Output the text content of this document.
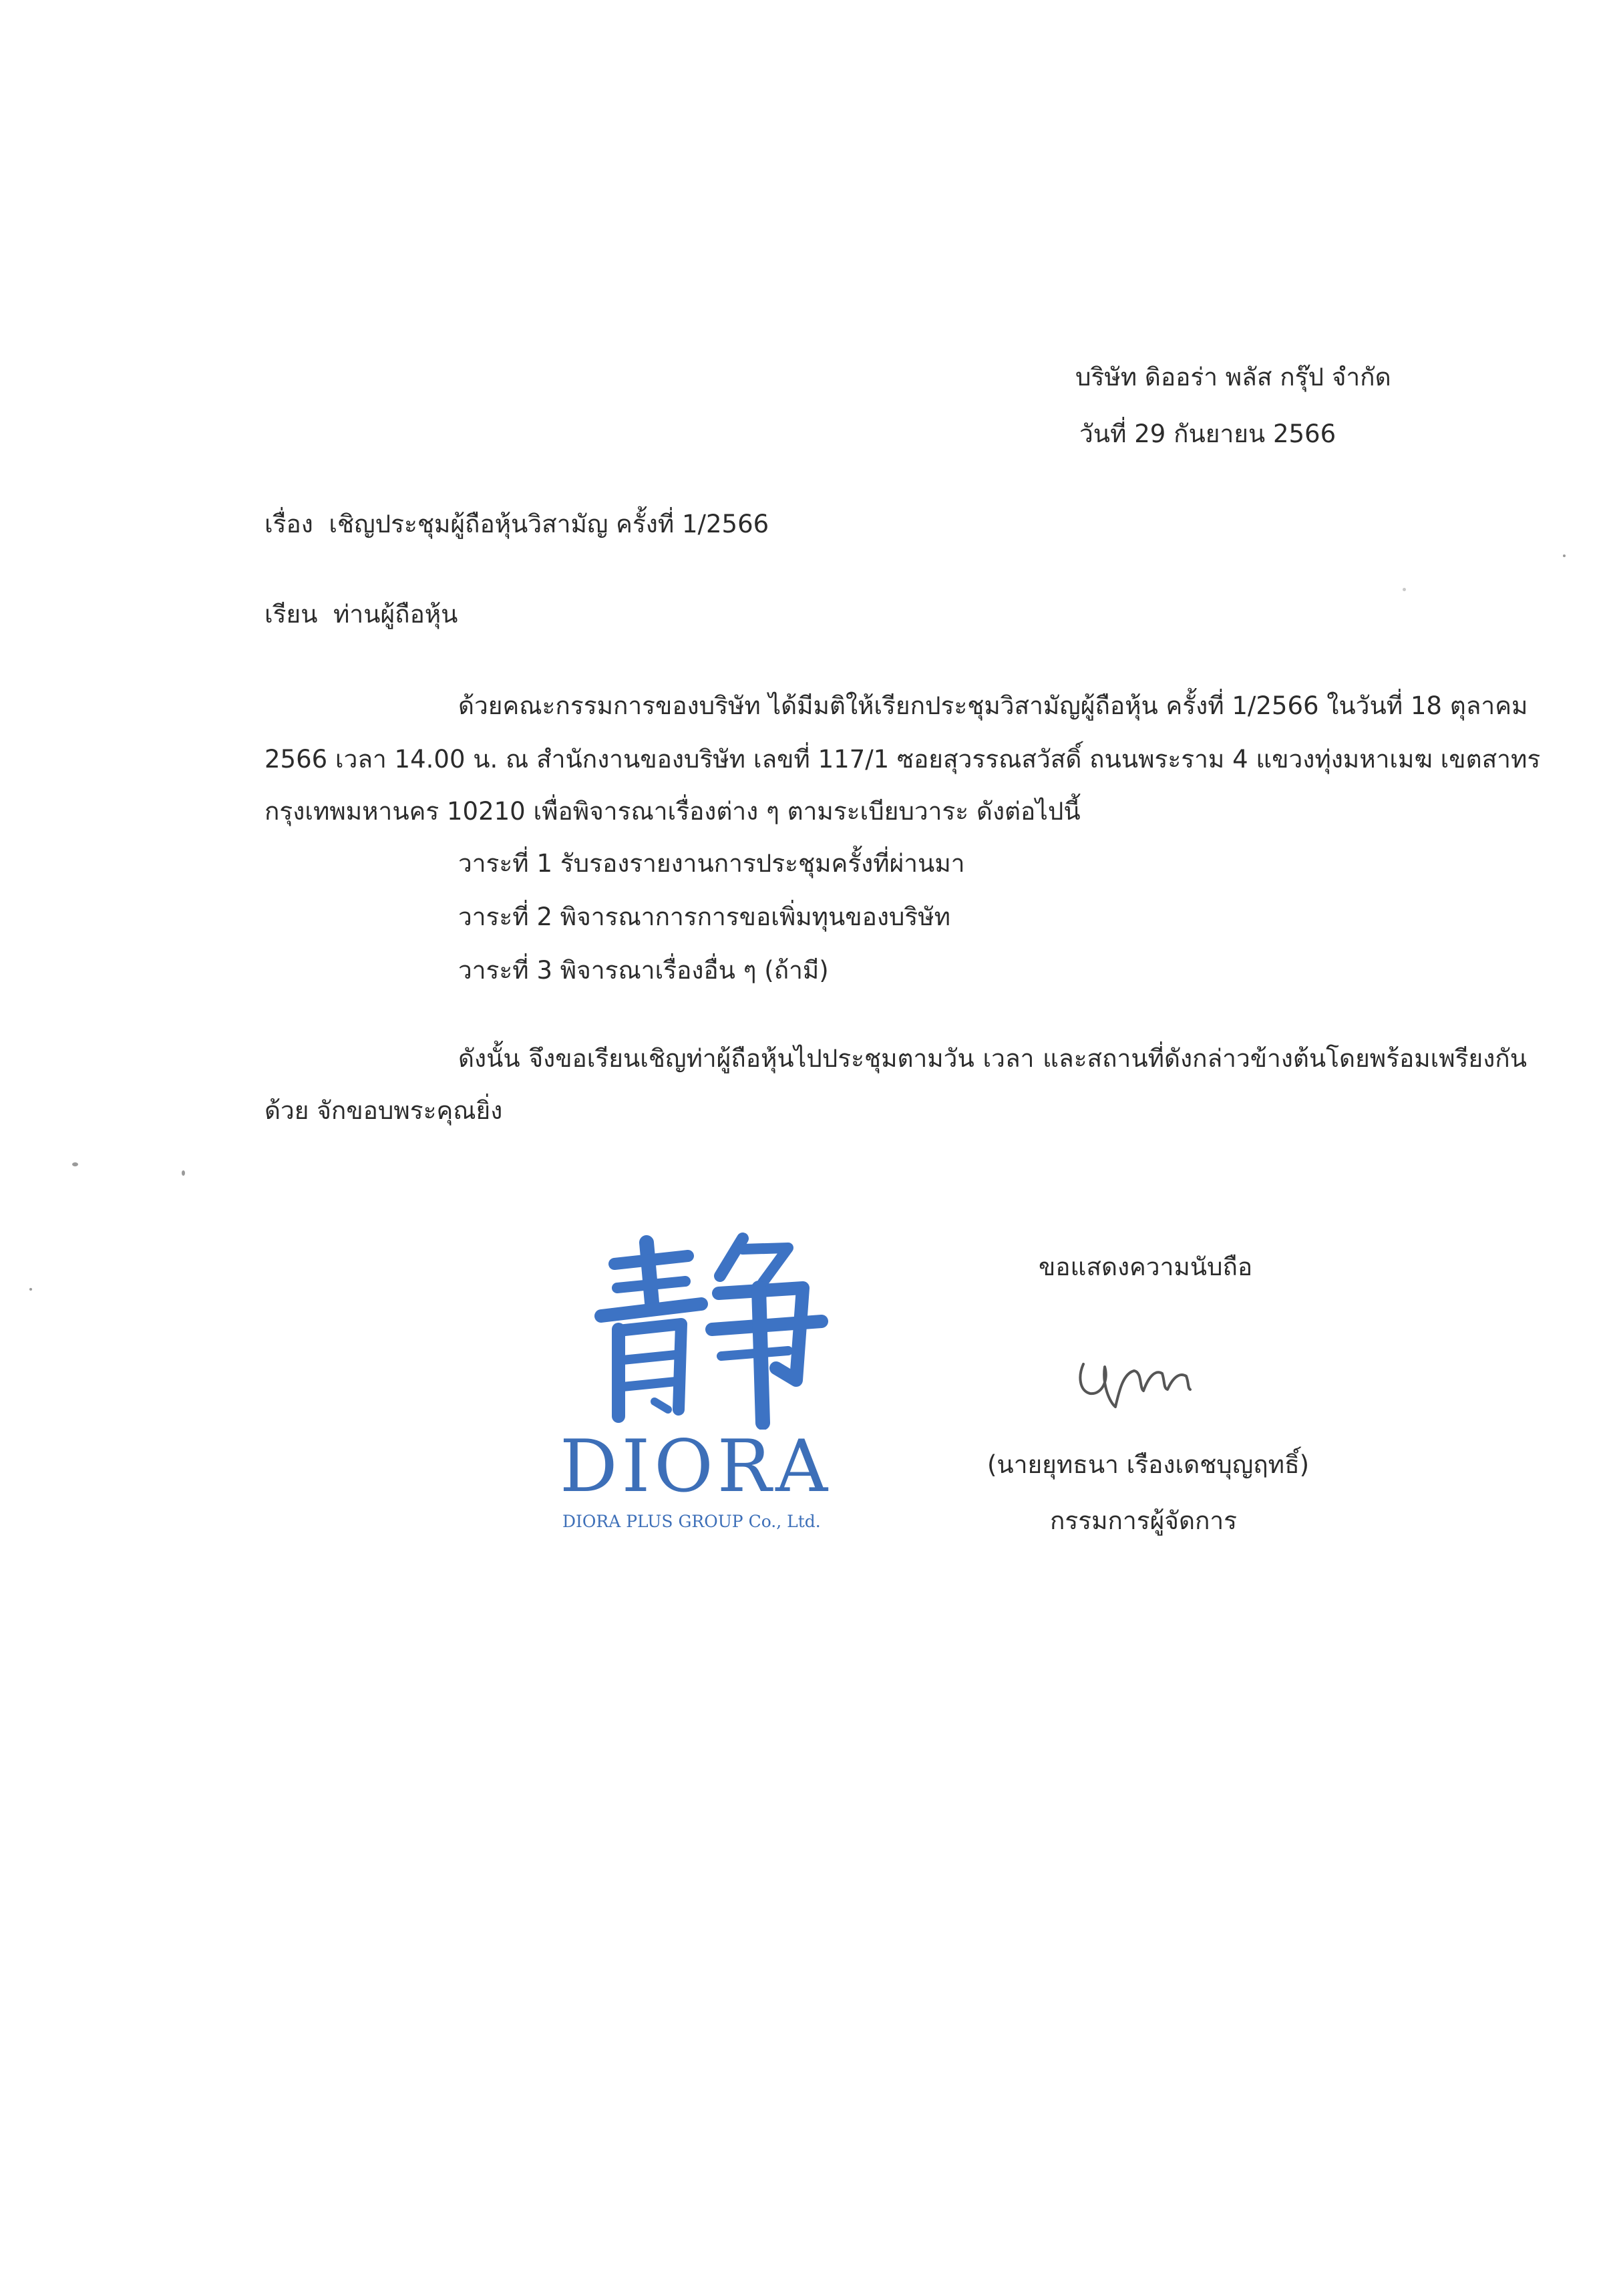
บริษัท ดิออร่า พลัส กรุ๊ป จำกัด
วันที่ 29 กันยายน 2566
เรื่อง เชิญประชุมผู้ถือหุ้นวิสามัญ ครั้งที่ 1/2566
เรียน ท่านผู้ถือหุ้น
ด้วยคณะกรรมการของบริษัท ได้มีมติให้เรียกประชุมวิสามัญผู้ถือหุ้น ครั้งที่ 1/2566 ในวันที่ 18 ตุลาคม
2566 เวลา 14.00 น. ณ สำนักงานของบริษัท เลขที่ 117/1 ซอยสุวรรณสวัสดิ์ ถนนพระราม 4 แขวงทุ่งมหาเมฆ เขตสาทร
กรุงเทพมหานคร 10210 เพื่อพิจารณาเรื่องต่าง ๆ ตามระเบียบวาระ ดังต่อไปนี้
วาระที่ 1 รับรองรายงานการประชุมครั้งที่ผ่านมา
วาระที่ 2 พิจารณาการการขอเพิ่มทุนของบริษัท
วาระที่ 3 พิจารณาเรื่องอื่น ๆ (ถ้ามี)
ดังนั้น จึงขอเรียนเชิญท่าผู้ถือหุ้นไปประชุมตามวัน เวลา และสถานที่ดังกล่าวข้างต้นโดยพร้อมเพรียงกัน
ด้วย จักขอบพระคุณยิ่ง
DIORA
DIORA PLUS GROUP Co., Ltd.
ขอแสดงความนับถือ
(นายยุทธนา เรืองเดชบุญฤทธิ์)
กรรมการผู้จัดการ
